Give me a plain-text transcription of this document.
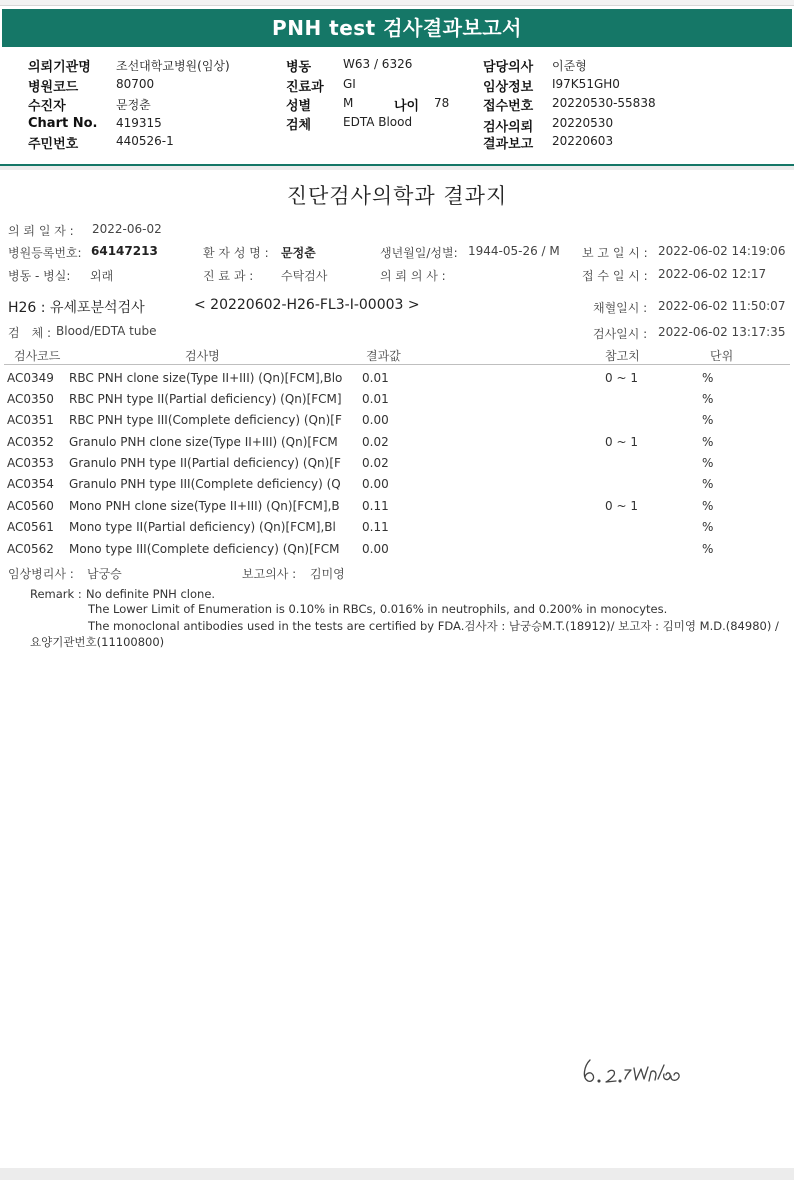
PNH test 검사결과보고서
의뢰기관명 조선대학교병원(임상)
병원코드	80700
수진자	문정춘
Chart No. 419315
주민번호	440526-1
병동	W63 / 6326
진료과 GI
성별	M	나이 78
검체	EDTA Blood
담당의사 이준형
임상정보 I97K51GH0
접수번호 20220530-55838
검사의뢰 20220530
결과보고 20220603
진단검사의학과 결과지
의 뢰 일 자 : 2022-06-02
병원등록번호: 64147213	환 자 성 명 : 문정춘	생년월일/성별: 1944-05-26 / M 보 고 일 시 : 2022-06-02 14:19:06
병동 - 병실: 외래	진 료 과 : 수탁검사	의 뢰 의 사 :	접 수 일 시 : 2022-06-02 12:17
H26 : 유세포분석검사	< 20220602-H26-FL3-I-00003 >	채혈일시 : 2022-06-02 11:50:07
검　체 : Blood/EDTA tube	검사일시 : 2022-06-02 13:17:35
검사코드	검사명	결과값	참고치	단위
AC0349 RBC PNH clone size(Type II+III) (Qn)[FCM],Blo 0.01	0 ~ 1	%
AC0350 RBC PNH type II(Partial deficiency) (Qn)[FCM] 0.01	%
AC0351 RBC PNH type III(Complete deficiency) (Qn)[F 0.00	%
AC0352 Granulo PNH clone size(Type II+III) (Qn)[FCM 0.02	0 ~ 1	%
AC0353 Granulo PNH type II(Partial deficiency) (Qn)[F 0.02	%
AC0354 Granulo PNH type III(Complete deficiency) (Q 0.00	%
AC0560 Mono PNH clone size(Type II+III) (Qn)[FCM],B 0.11	0 ~ 1	%
AC0561 Mono type II(Partial deficiency) (Qn)[FCM],Bl 0.11	%
AC0562 Mono type III(Complete deficiency) (Qn)[FCM 0.00	%
임상병리사 : 남궁승	보고의사 : 김미영
Remark : No definite PNH clone.
The Lower Limit of Enumeration is 0.10% in RBCs, 0.016% in neutrophils, and 0.200% in monocytes.
The monoclonal antibodies used in the tests are certified by FDA.검사자 : 남궁승M.T.(18912)/ 보고자 : 김미영 M.D.(84980) /
요양기관번호(11100800)
